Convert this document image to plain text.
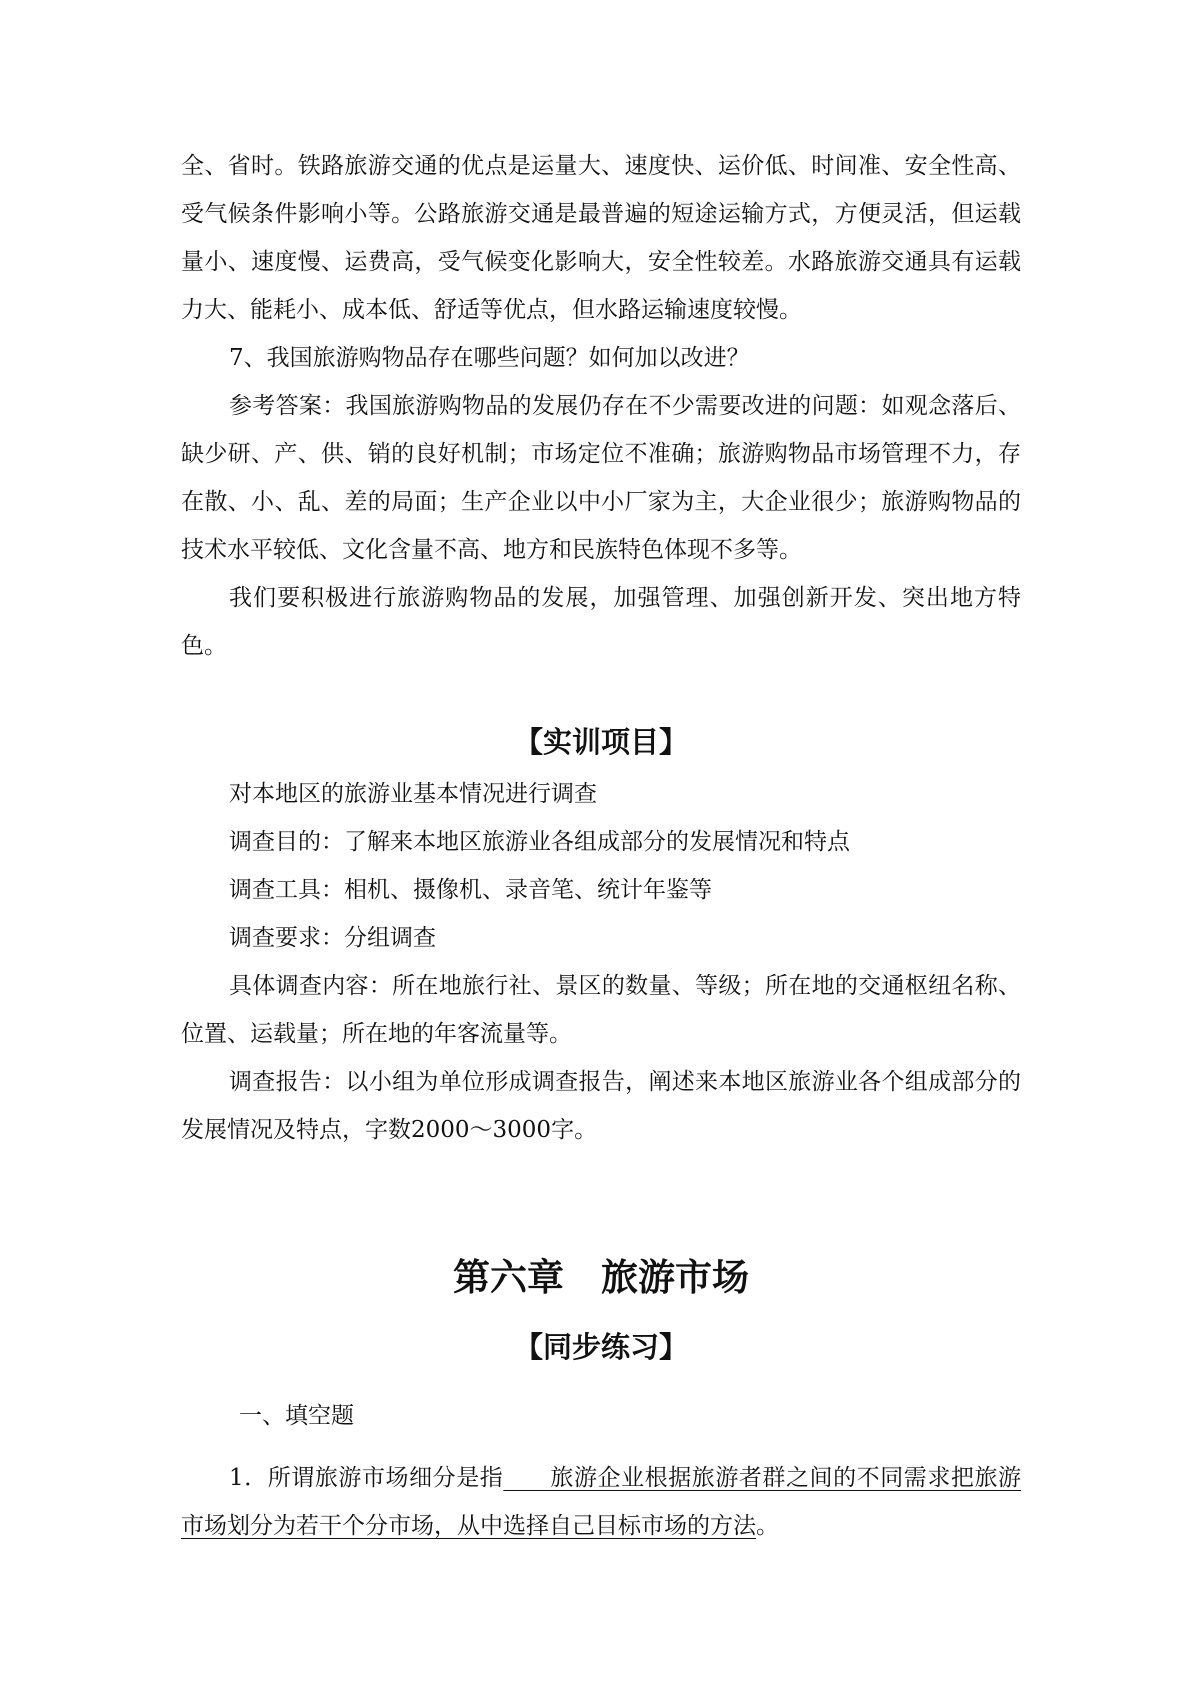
全、省时。铁路旅游交通的优点是运量大、速度快、运价低、时间准、安全性高、受气候条件影响小等。公路旅游交通是最普遍的短途运输方式，方便灵活，但运载量小、速度慢、运费高，受气候变化影响大，安全性较差。水路旅游交通具有运载力大、能耗小、成本低、舒适等优点，但水路运输速度较慢。

7、我国旅游购物品存在哪些问题？如何加以改进？

参考答案：我国旅游购物品的发展仍存在不少需要改进的问题：如观念落后、缺少研、产、供、销的良好机制；市场定位不准确；旅游购物品市场管理不力，存在散、小、乱、差的局面；生产企业以中小厂家为主，大企业很少；旅游购物品的技术水平较低、文化含量不高、地方和民族特色体现不多等。

我们要积极进行旅游购物品的发展，加强管理、加强创新开发、突出地方特色。

【实训项目】

对本地区的旅游业基本情况进行调查

调查目的：了解来本地区旅游业各组成部分的发展情况和特点

调查工具：相机、摄像机、录音笔、统计年鉴等

调查要求：分组调查

具体调查内容：所在地旅行社、景区的数量、等级；所在地的交通枢纽名称、位置、运载量；所在地的年客流量等。

调查报告：以小组为单位形成调查报告，阐述来本地区旅游业各个组成部分的发展情况及特点，字数2000～3000字。

第六章　旅游市场
【同步练习】

一、填空题

1．所谓旅游市场细分是指　　旅游企业根据旅游者群之间的不同需求把旅游市场划分为若干个分市场，从中选择自己目标市场的方法。
